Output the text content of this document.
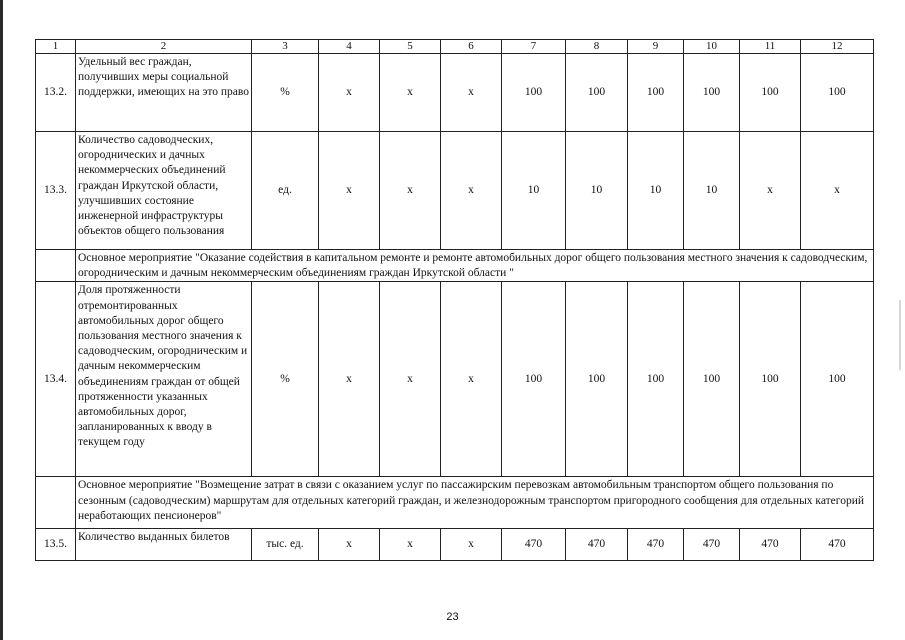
1	2	3	4	5	6	7	8	9	10	11	12
13.2.	Удельный вес граждан, получивших меры социальной поддержки, имеющих на это право	%	х	х	х	100	100	100	100	100	100
13.3.	Количество садоводческих, огороднических и дачных некоммерческих объединений граждан Иркутской области, улучшивших состояние инженерной инфраструктуры объектов общего пользования	ед.	х	х	х	10	10	10	10	х	х
	Основное мероприятие "Оказание содействия в капитальном ремонте и ремонте автомобильных дорог общего пользования местного значения к садоводческим, огородническим и дачным некоммерческим объединениям граждан Иркутской области "										
13.4.	Доля протяженности отремонтированных автомобильных дорог общего пользования местного значения к садоводческим, огородническим и дачным некоммерческим объединениям граждан от общей протяженности указанных автомобильных дорог, запланированных к вводу в текущем году	%	х	х	х	100	100	100	100	100	100
	Основное мероприятие "Возмещение затрат в связи с оказанием услуг по пассажирским перевозкам автомобильным транспортом общего пользования по сезонным (садоводческим) маршрутам для отдельных категорий граждан, и железнодорожным транспортом пригородного сообщения для отдельных категорий неработающих пенсионеров"										
13.5.	Количество выданных билетов	тыс. ед.	х	х	х	470	470	470	470	470	470
23
